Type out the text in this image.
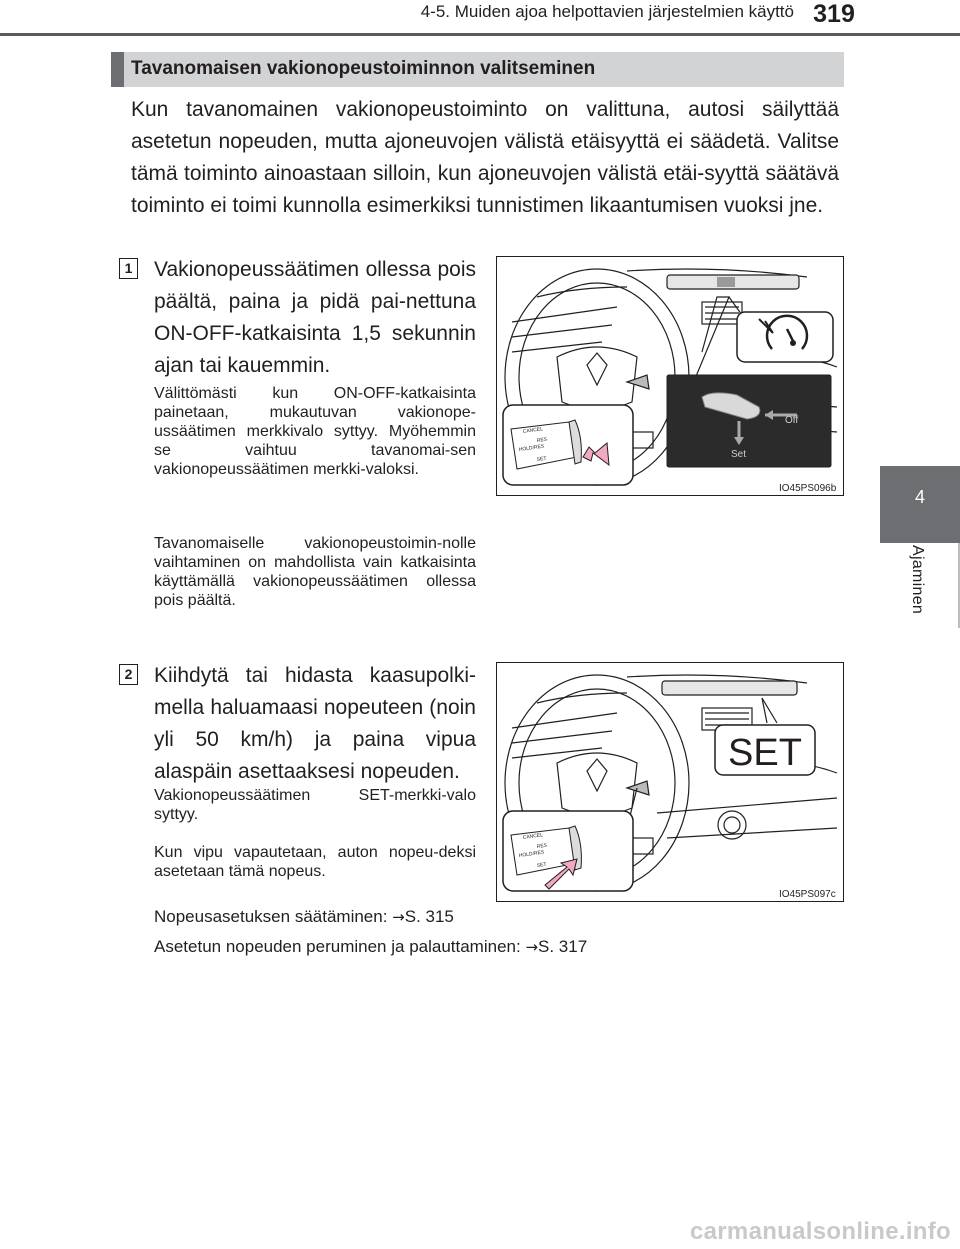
4-5. Muiden ajoa helpottavien järjestelmien käyttö 319
4
Ajaminen
Tavanomaisen vakionopeustoiminnon valitseminen
Kun tavanomainen vakionopeustoiminto on valittuna, autosi säilyttää asetetun nopeuden, mutta ajoneuvojen välistä etäisyyttä ei säädetä. Valitse tämä toiminto ainoastaan silloin, kun ajoneuvojen välistä etäi-syyttä säätävä toiminto ei toimi kunnolla esimerkiksi tunnistimen likaantumisen vuoksi jne.
1 Vakionopeussäätimen ollessa pois päältä, paina ja pidä pai-nettuna ON-OFF-katkaisinta 1,5 sekunnin ajan tai kauemmin.
Välittömästi kun ON-OFF-katkaisinta painetaan, mukautuvan vakionope-ussäätimen merkkivalo syttyy. Myöhemmin se vaihtuu tavanomai-sen vakionopeussäätimen merkki-valoksi.
Tavanomaiselle vakionopeustoimin-nolle vaihtaminen on mahdollista vain katkaisinta käyttämällä vakionopeussäätimen ollessa pois päältä.
Off
Set
CANCEL
RES
HOLD/RES
SET
IO45PS096b
2 Kiihdytä tai hidasta kaasupolki-mella haluamaasi nopeuteen (noin yli 50 km/h) ja paina vipua alaspäin asettaaksesi nopeuden.
Vakionopeussäätimen SET-merkki-valo syttyy.
Kun vipu vapautetaan, auton nopeu-deksi asetetaan tämä nopeus.
SET
CANCEL
RES
HOLD/RES
SET
IO45PS097c
Nopeusasetuksen säätäminen: →S. 315
Asetetun nopeuden peruminen ja palauttaminen: →S. 317
carmanualsonline.info
